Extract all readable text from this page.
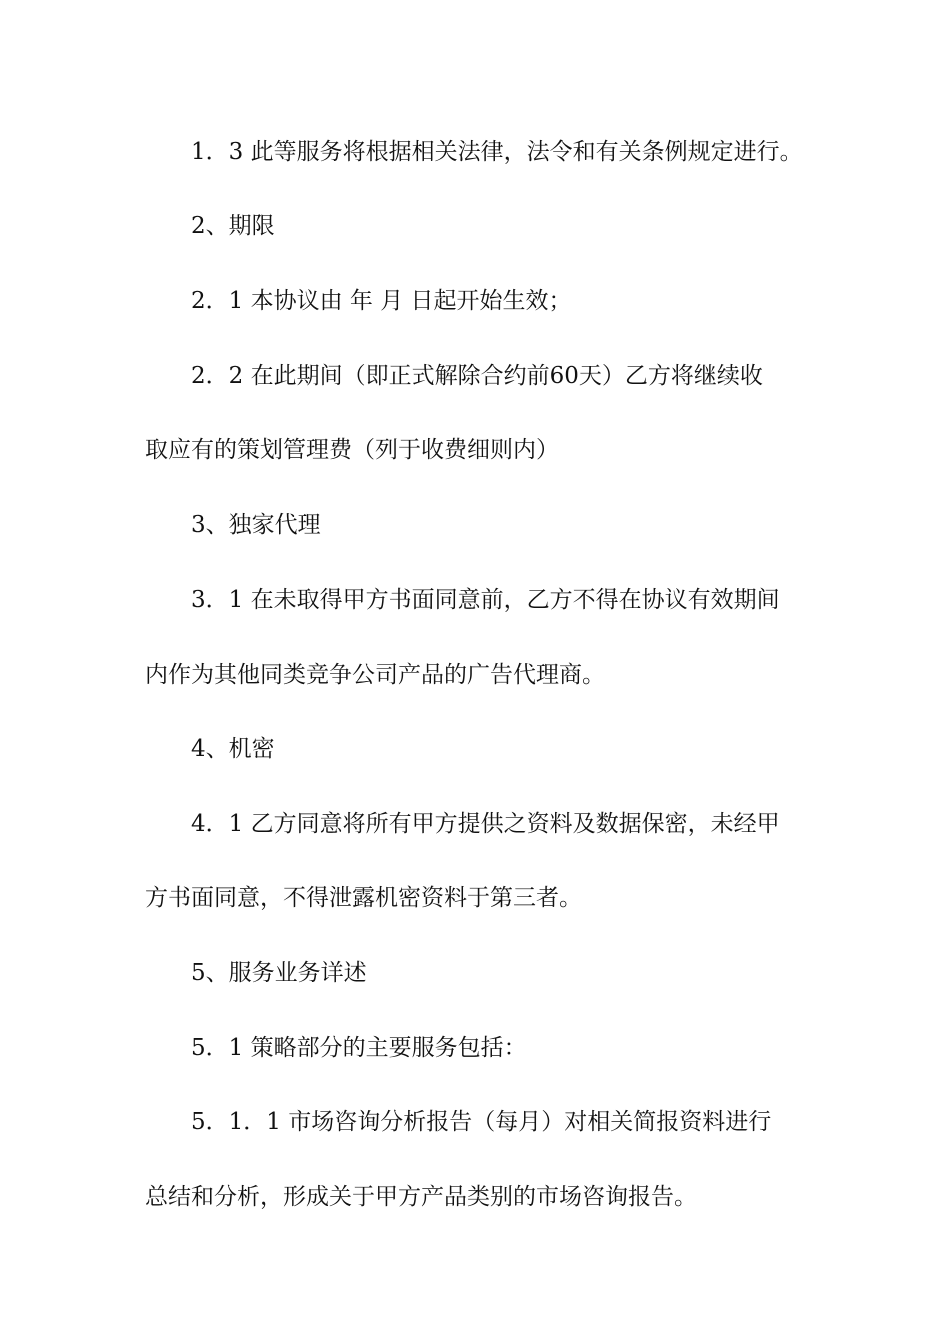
1．3 此等服务将根据相关法律，法令和有关条例规定进行。
2、期限
2．1 本协议由 年 月 日起开始生效；
2．2 在此期间（即正式解除合约前60天）乙方将继续收
取应有的策划管理费（列于收费细则内）
3、独家代理
3．1 在未取得甲方书面同意前，乙方不得在协议有效期间
内作为其他同类竞争公司产品的广告代理商。
4、机密
4．1 乙方同意将所有甲方提供之资料及数据保密，未经甲
方书面同意，不得泄露机密资料于第三者。
5、服务业务详述
5．1 策略部分的主要服务包括：
5．1．1 市场咨询分析报告（每月）对相关简报资料进行
总结和分析，形成关于甲方产品类别的市场咨询报告。
